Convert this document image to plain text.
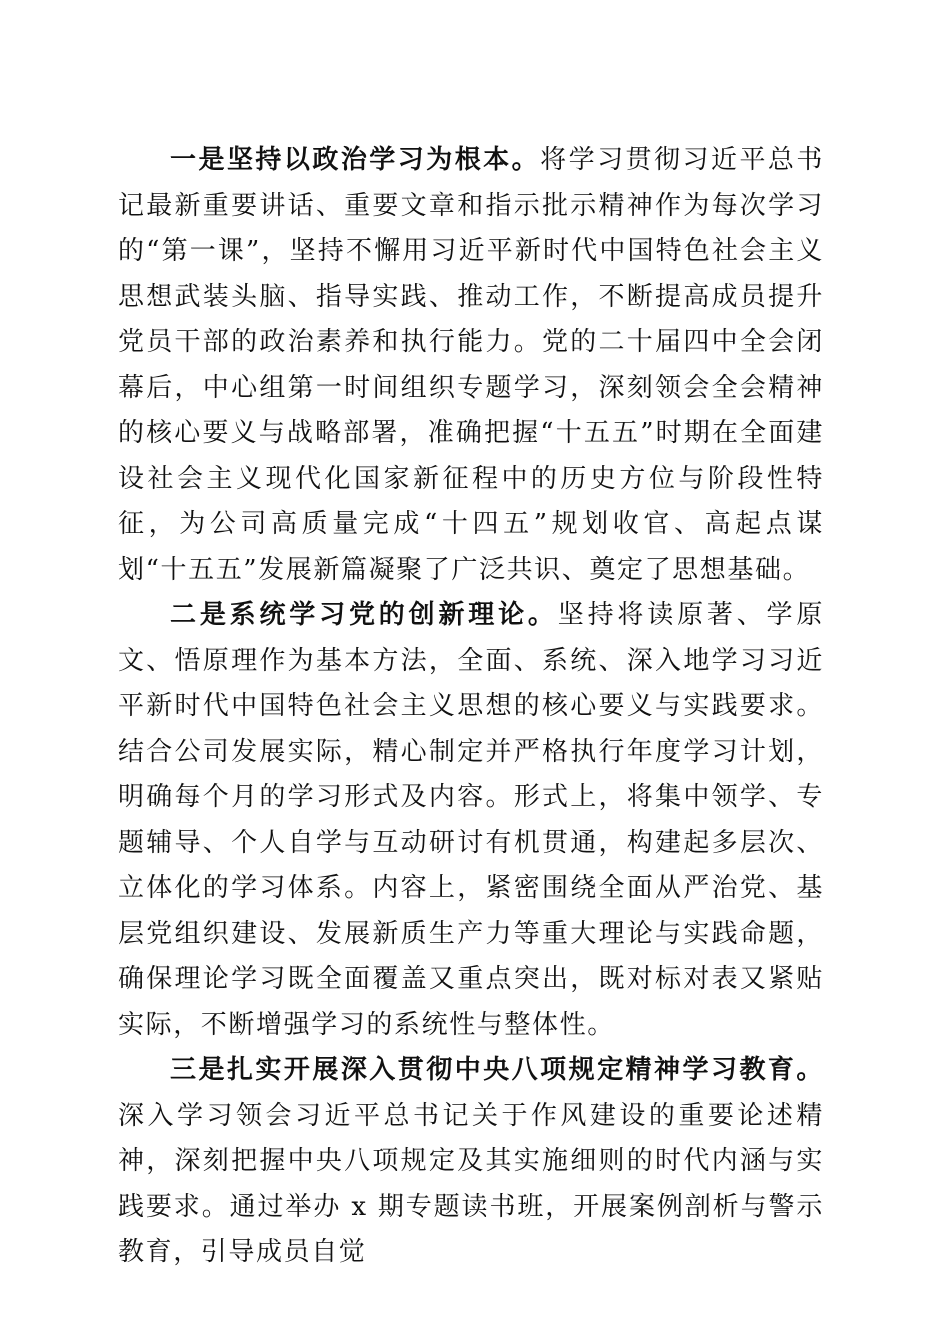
一是坚持以政治学习为根本。将学习贯彻习近平总书记最新重要讲话、重要文章和指示批示精神作为每次学习的“第一课”，坚持不懈用习近平新时代中国特色社会主义思想武装头脑、指导实践、推动工作，不断提高成员提升党员干部的政治素养和执行能力。党的二十届四中全会闭幕后，中心组第一时间组织专题学习，深刻领会全会精神的核心要义与战略部署，准确把握“十五五”时期在全面建设社会主义现代化国家新征程中的历史方位与阶段性特征，为公司高质量完成“十四五”规划收官、高起点谋划“十五五”发展新篇凝聚了广泛共识、奠定了思想基础。

二是系统学习党的创新理论。坚持将读原著、学原文、悟原理作为基本方法，全面、系统、深入地学习习近平新时代中国特色社会主义思想的核心要义与实践要求。结合公司发展实际，精心制定并严格执行年度学习计划，明确每个月的学习形式及内容。形式上，将集中领学、专题辅导、个人自学与互动研讨有机贯通，构建起多层次、立体化的学习体系。内容上，紧密围绕全面从严治党、基层党组织建设、发展新质生产力等重大理论与实践命题，确保理论学习既全面覆盖又重点突出，既对标对表又紧贴实际，不断增强学习的系统性与整体性。

三是扎实开展深入贯彻中央八项规定精神学习教育。深入学习领会习近平总书记关于作风建设的重要论述精神，深刻把握中央八项规定及其实施细则的时代内涵与实践要求。通过举办 x 期专题读书班，开展案例剖析与警示教育，引导成员自觉
